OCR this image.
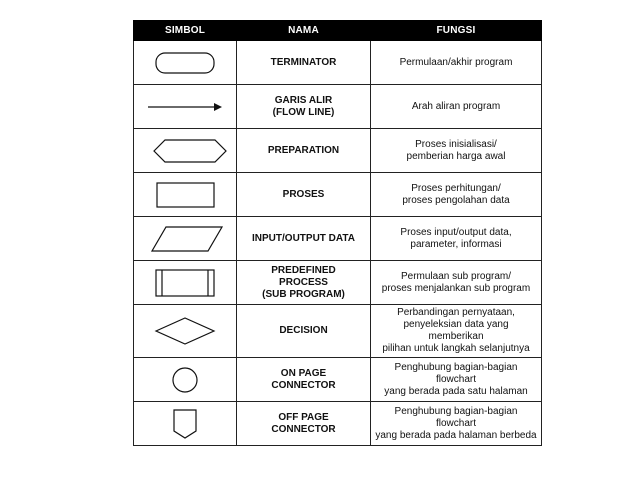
SIMBOL	NAMA	FUNGSI

TERMINATOR	Permulaan/akhir program

GARIS ALIR
(FLOW LINE)	Arah aliran program

PREPARATION	Proses inisialisasi/
pemberian harga awal

PROSES	Proses perhitungan/
proses pengolahan data

INPUT/OUTPUT DATA	Proses input/output data,
parameter, informasi

PREDEFINED
PROCESS
(SUB PROGRAM)	Permulaan sub program/
proses menjalankan sub program

DECISION	Perbandingan pernyataan,
penyeleksian data yang
memberikan
pilihan untuk langkah selanjutnya

ON PAGE
CONNECTOR	Penghubung bagian-bagian
flowchart
yang berada pada satu halaman

OFF PAGE
CONNECTOR	Penghubung bagian-bagian
flowchart
yang berada pada halaman berbeda
